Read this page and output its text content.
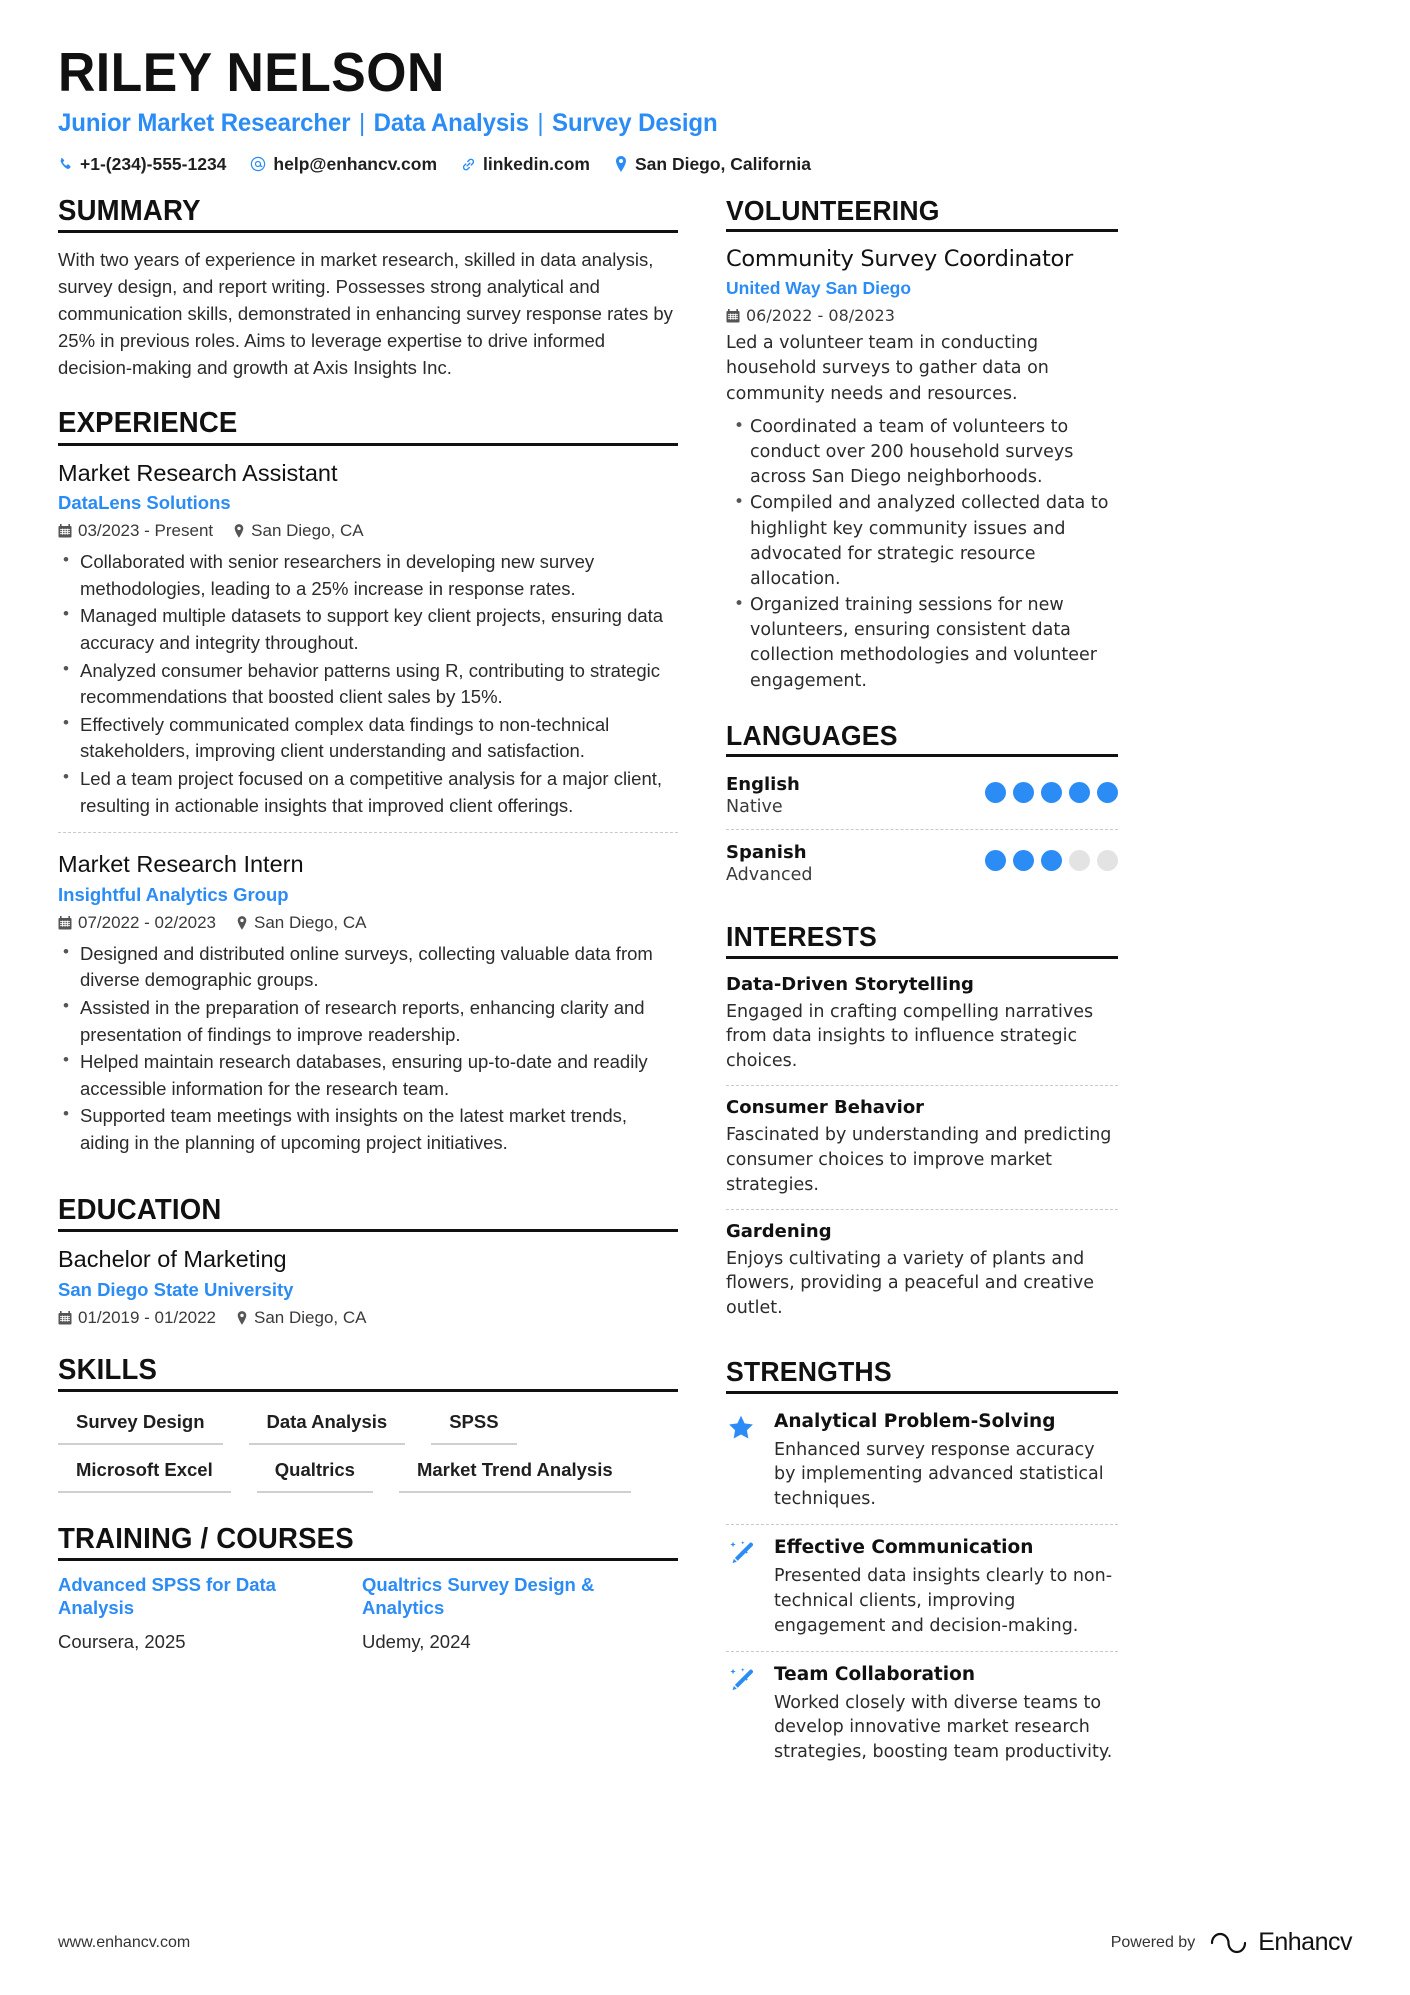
RILEY NELSON
Junior Market Researcher | Data Analysis | Survey Design
+1-(234)-555-1234	help@enhancv.com	linkedin.com	San Diego, California
SUMMARY
With two years of experience in market research, skilled in data analysis, survey design, and report writing. Possesses strong analytical and communication skills, demonstrated in enhancing survey response rates by 25% in previous roles. Aims to leverage expertise to drive informed decision-making and growth at Axis Insights Inc.
EXPERIENCE
Market Research Assistant
DataLens Solutions
03/2023 - Present San Diego, CA
• Collaborated with senior researchers in developing new survey methodologies, leading to a 25% increase in response rates.
• Managed multiple datasets to support key client projects, ensuring data accuracy and integrity throughout.
• Analyzed consumer behavior patterns using R, contributing to strategic recommendations that boosted client sales by 15%.
• Effectively communicated complex data findings to non-technical stakeholders, improving client understanding and satisfaction.
• Led a team project focused on a competitive analysis for a major client, resulting in actionable insights that improved client offerings.
Market Research Intern
Insightful Analytics Group
07/2022 - 02/2023 San Diego, CA
• Designed and distributed online surveys, collecting valuable data from diverse demographic groups.
• Assisted in the preparation of research reports, enhancing clarity and presentation of findings to improve readership.
• Helped maintain research databases, ensuring up-to-date and readily accessible information for the research team.
• Supported team meetings with insights on the latest market trends, aiding in the planning of upcoming project initiatives.
EDUCATION
Bachelor of Marketing
San Diego State University
01/2019 - 01/2022 San Diego, CA
SKILLS
Survey Design	Data Analysis	SPSS
Microsoft Excel	Qualtrics	Market Trend Analysis
TRAINING / COURSES
Advanced SPSS for Data Analysis
Coursera, 2025
Qualtrics Survey Design & Analytics
Udemy, 2024
VOLUNTEERING
Community Survey Coordinator
United Way San Diego
06/2022 - 08/2023
Led a volunteer team in conducting household surveys to gather data on community needs and resources.
• Coordinated a team of volunteers to conduct over 200 household surveys across San Diego neighborhoods.
• Compiled and analyzed collected data to highlight key community issues and advocated for strategic resource allocation.
• Organized training sessions for new volunteers, ensuring consistent data collection methodologies and volunteer engagement.
LANGUAGES
English
Native
Spanish
Advanced
INTERESTS
Data-Driven Storytelling
Engaged in crafting compelling narratives from data insights to influence strategic choices.
Consumer Behavior
Fascinated by understanding and predicting consumer choices to improve market strategies.
Gardening
Enjoys cultivating a variety of plants and flowers, providing a peaceful and creative outlet.
STRENGTHS
Analytical Problem-Solving
Enhanced survey response accuracy by implementing advanced statistical techniques.
Effective Communication
Presented data insights clearly to non-technical clients, improving engagement and decision-making.
Team Collaboration
Worked closely with diverse teams to develop innovative market research strategies, boosting team productivity.
www.enhancv.com	Powered by	Enhancv
